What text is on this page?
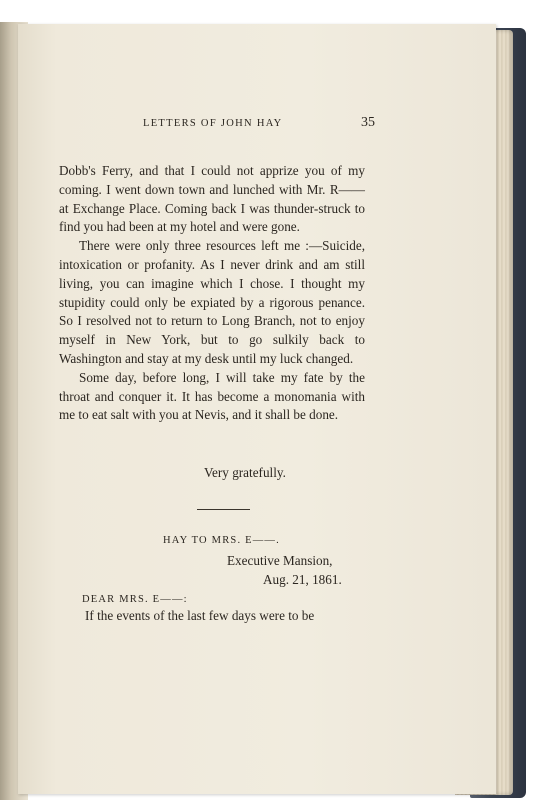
LETTERS OF JOHN HAY	35

Dobb's Ferry, and that I could not apprize you of my coming. I went down town and lunched with Mr. R—— at Exchange Place. Coming back I was thunder-struck to find you had been at my hotel and were gone.

There were only three resources left me :—Suicide, intoxication or profanity. As I never drink and am still living, you can imagine which I chose. I thought my stupidity could only be expiated by a rigorous penance. So I resolved not to return to Long Branch, not to enjoy myself in New York, but to go sulkily back to Washington and stay at my desk until my luck changed.

Some day, before long, I will take my fate by the throat and conquer it. It has become a monomania with me to eat salt with you at Nevis, and it shall be done.

Very gratefully.
HAY TO MRS. E——.
Executive Mansion,
Aug. 21, 1861.
DEAR MRS. E——:
If the events of the last few days were to be
